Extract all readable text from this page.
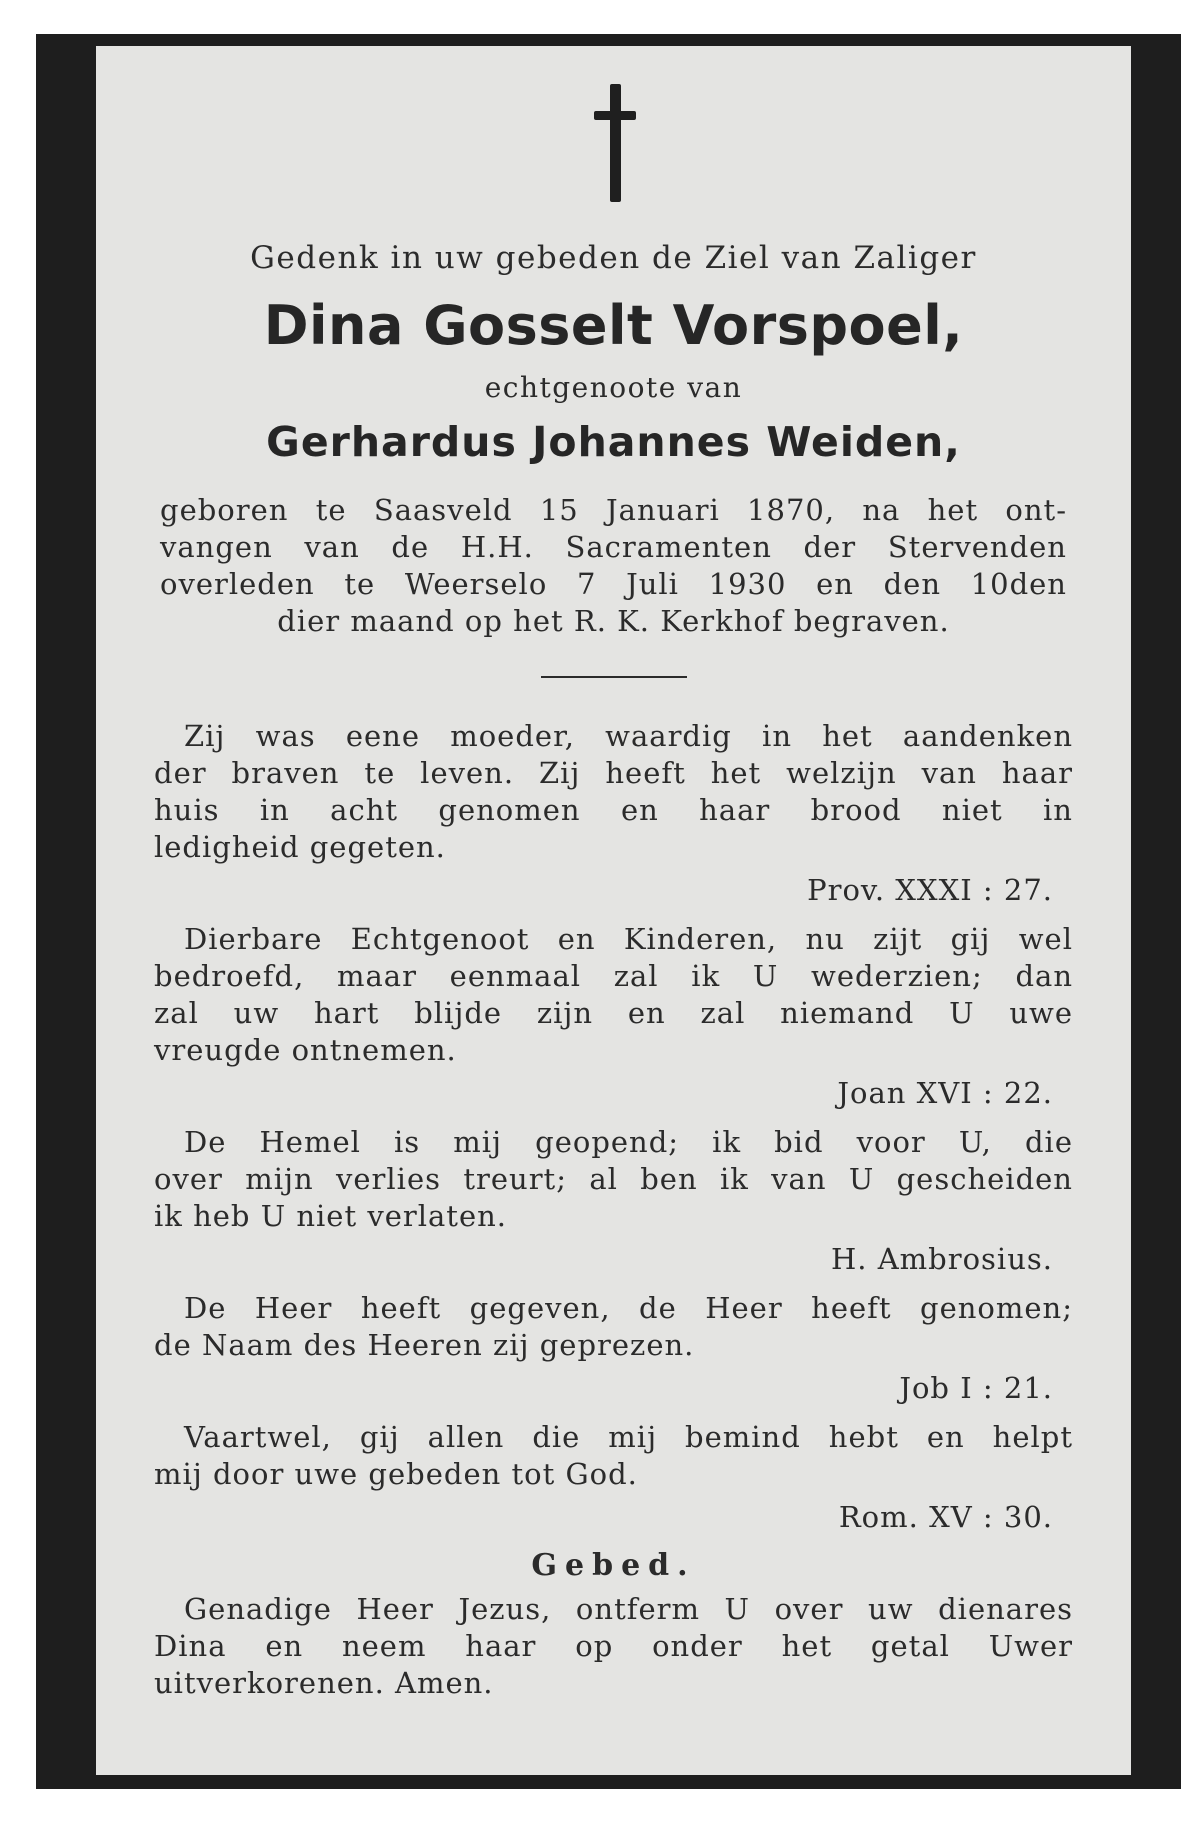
Gedenk in uw gebeden de Ziel van Zaliger
Dina Gosselt Vorspoel,
echtgenoote van
Gerhardus Johannes Weiden,
geboren te Saasveld 15 Januari 1870, na het ont-
vangen van de H.H. Sacramenten der Stervenden
overleden te Weerselo 7 Juli 1930 en den 10den
dier maand op het R. K. Kerkhof begraven.
Zij was eene moeder, waardig in het aandenken
der braven te leven. Zij heeft het welzijn van haar
huis in acht genomen en haar brood niet in
ledigheid gegeten.
Prov. XXXI : 27.
Dierbare Echtgenoot en Kinderen, nu zijt gij wel
bedroefd, maar eenmaal zal ik U wederzien; dan
zal uw hart blijde zijn en zal niemand U uwe
vreugde ontnemen.
Joan XVI : 22.
De Hemel is mij geopend; ik bid voor U, die
over mijn verlies treurt; al ben ik van U gescheiden
ik heb U niet verlaten.
H. Ambrosius.
De Heer heeft gegeven, de Heer heeft genomen;
de Naam des Heeren zij geprezen.
Job I : 21.
Vaartwel, gij allen die mij bemind hebt en helpt
mij door uwe gebeden tot God.
Rom. XV : 30.
Gebed.
Genadige Heer Jezus, ontferm U over uw dienares
Dina en neem haar op onder het getal Uwer
uitverkorenen. Amen.
